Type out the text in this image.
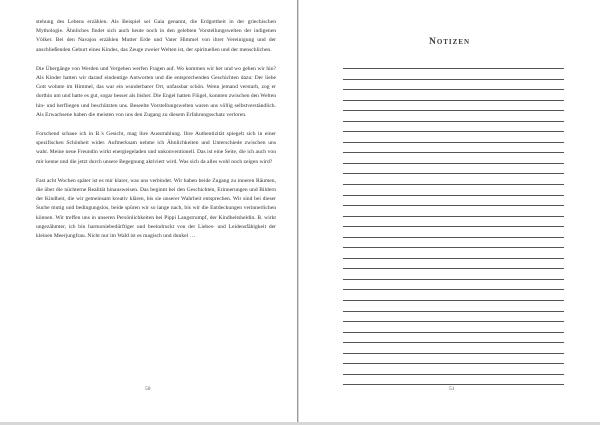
stehung des Lebens erzählen. Als Beispiel sei Gaia genannt, die Erdgottheit in der griechischen Mythologie. Ähnliches findet sich auch heute noch in den gelebten Vorstellungswelten der indigenen Völker. Bei den Navajos erzählen Mutter Erde und Vater Himmel von ihrer Vereinigung und der anschließenden Geburt eines Kindes, das Zeuge zweier Welten ist, der spirituellen und der menschlichen.

Die Übergänge von Werden und Vergehen werfen Fragen auf. Wo kommen wir her und wo gehen wir hin? Als Kinder hatten wir darauf eindeutige Antworten und die entsprechenden Geschichten dazu: Der liebe Gott wohnte im Himmel, das war ein wunderbarer Ort, unfassbar schön. Wenn jemand verstarb, zog er dorthin um und hatte es gut, sogar besser als bisher. Die Engel hatten Flügel, konnten zwischen den Welten hin- und herfliegen und beschützten uns. Beseelte Vorstellungswelten waren uns völlig selbstverständlich. Als Erwachsene haben die meisten von uns den Zugang zu diesem Erfahrungsschatz verloren.

Forschend schaue ich in B.'s Gesicht, mag ihre Ausstrahlung. Ihre Authentizität spiegelt sich in einer spezifischen Schönheit wider. Aufmerksam nehme ich Ähnlichkeiten und Unterschiede zwischen uns wahr. Meine neue Freundin wirkt energiegeladen und unkonventionell. Das ist eine Seite, die ich auch von mir kenne und die jetzt durch unsere Begegnung aktiviert wird. Was sich da alles wohl noch zeigen wird?

Fast acht Wochen später ist es mir klarer, was uns verbindet. Wir haben beide Zugang zu inneren Räumen, die über die nüchterne Realität hinausweisen. Das beginnt bei den Geschichten, Erinnerungen und Bildern der Kindheit, die wir gemeinsam kreativ klären, bis sie unserer Wahrheit entsprechen. Wir sind bei dieser Suche mutig und bedingungslos, beide spüren wir so lange nach, bis wir die Entdeckungen verinnerlichen können. Wir treffen uns in unseren Persönlichkeiten bei Pippi Langstrumpf, der Kindheitsheldin. B. wirkt ungezähmter, ich bin harmoniebedürftiger und beeindruckt von der Liebes- und Leidensfähigkeit der kleinen Meerjungfrau. Nicht nur im Wald ist es magisch und dunkel …

50
Notizen
51
